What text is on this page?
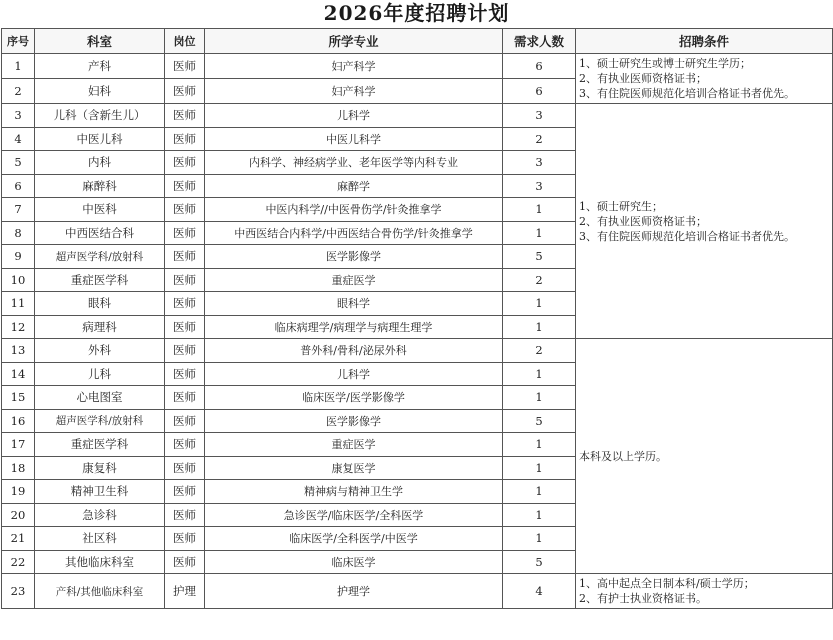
2026年度招聘计划
序号	科室	岗位	所学专业	需求人数	招聘条件
1	产科	医师	妇产科学	6	1、硕士研究生或博士研究生学历；
2、有执业医师资格证书；
3、有住院医师规范化培训合格证书者优先。

2	妇科	医师	妇产科学	6	
3	儿科（含新生儿）	医师	儿科学	3	1、硕士研究生；
2、有执业医师资格证书；
3、有住院医师规范化培训合格证书者优先。

4	中医儿科	医师	中医儿科学	2	
5	内科	医师	内科学、神经病学业、老年医学等内科专业	3	
6	麻醉科	医师	麻醉学	3	
7	中医科	医师	中医内科学//中医骨伤学/针灸推拿学	1	
8	中西医结合科	医师	中西医结合内科学/中西医结合骨伤学/针灸推拿学	1	
9	超声医学科/放射科	医师	医学影像学	5	
10	重症医学科	医师	重症医学	2	
11	眼科	医师	眼科学	1	
12	病理科	医师	临床病理学/病理学与病理生理学	1	
13	外科	医师	普外科/骨科/泌尿外科	2	本科及以上学历。

14	儿科	医师	儿科学	1	
15	心电图室	医师	临床医学/医学影像学	1	
16	超声医学科/放射科	医师	医学影像学	5	
17	重症医学科	医师	重症医学	1	
18	康复科	医师	康复医学	1	
19	精神卫生科	医师	精神病与精神卫生学	1	
20	急诊科	医师	急诊医学/临床医学/全科医学	1	
21	社区科	医师	临床医学/全科医学/中医学	1	
22	其他临床科室	医师	临床医学	5	
23	产科/其他临床科室	护理	护理学	4	1、高中起点全日制本科/硕士学历；
2、有护士执业资格证书。
